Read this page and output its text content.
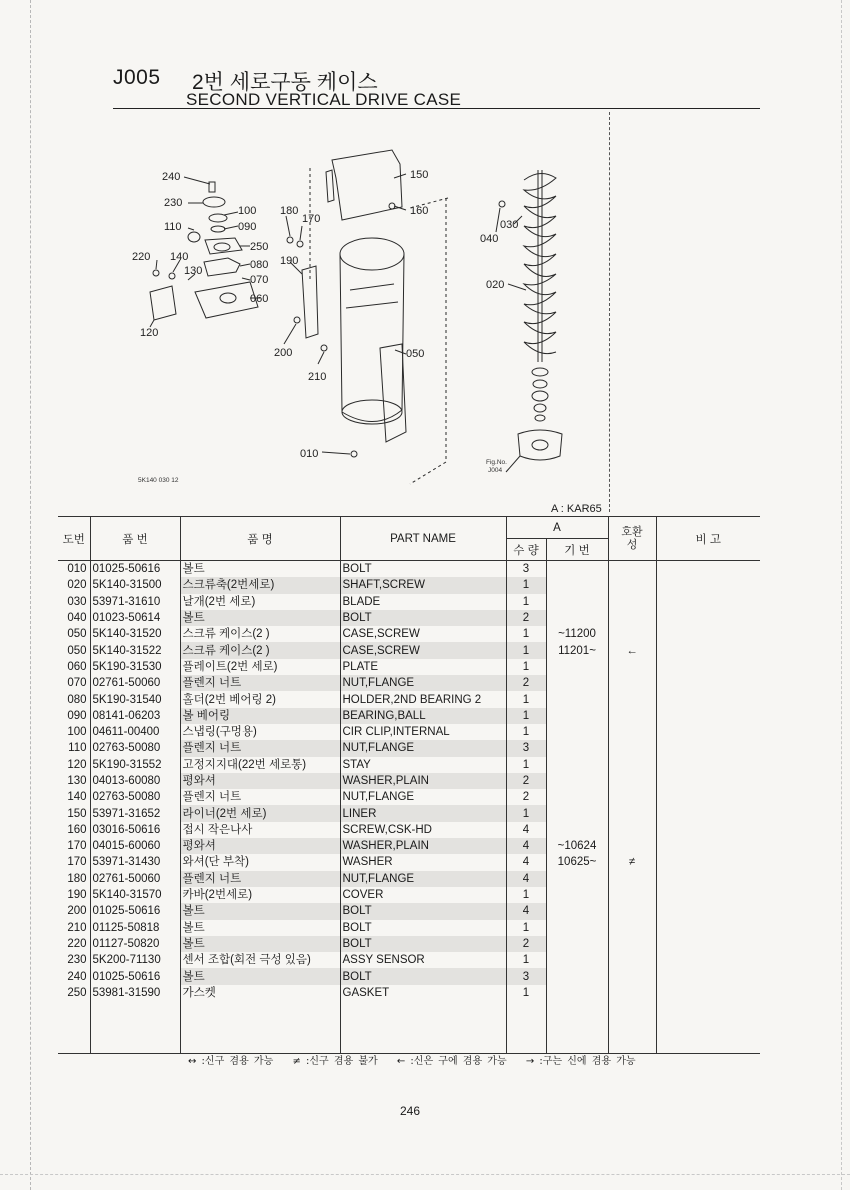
J005 2번 세로구동 케이스
SECOND VERTICAL DRIVE CASE
240
230
100
090
110
250
220 140
130	080
070
060
120
180
170
190
200
210
050
010
150
160
030
040
020
5K140 030 12
Fig.No.
J004
A : KAR65
도번	품 번	품 명	PART NAME	A		호환성	비 고
				수 량	기 번		
010	01025-50616	볼트	BOLT	3			
020	5K140-31500	스크류축(2번세로)	SHAFT,SCREW	1			
030	53971-31610	날개(2번 세로)	BLADE	1			
040	01023-50614	볼트	BOLT	2			
050	5K140-31520	스크류 케이스(2 )	CASE,SCREW	1	~11200		
050	5K140-31522	스크류 케이스(2 )	CASE,SCREW	1	11201~	←	
060	5K190-31530	플레이트(2번 세로)	PLATE	1			
070	02761-50060	플렌지 너트	NUT,FLANGE	2			
080	5K190-31540	홀더(2번 베어링 2)	HOLDER,2ND BEARING 2	1			
090	08141-06203	볼 베어링	BEARING,BALL	1			
100	04611-00400	스냅링(구멍용)	CIR CLIP,INTERNAL	1			
110	02763-50080	플렌지 너트	NUT,FLANGE	3			
120	5K190-31552	고정지지대(22번 세로통)	STAY	1			
130	04013-60080	평와셔	WASHER,PLAIN	2			
140	02763-50080	플렌지 너트	NUT,FLANGE	2			
150	53971-31652	라이너(2번 세로)	LINER	1			
160	03016-50616	접시 작은나사	SCREW,CSK-HD	4			
170	04015-60060	평와셔	WASHER,PLAIN	4	~10624		
170	53971-31430	와셔(단 부착)	WASHER	4	10625~	≠	
180	02761-50060	플렌지 너트	NUT,FLANGE	4			
190	5K140-31570	카바(2번세로)	COVER	1			
200	01025-50616	볼트	BOLT	4			
210	01125-50818	볼트	BOLT	1			
220	01127-50820	볼트	BOLT	2			
230	5K200-71130	센서 조합(회전 극성 있음)	ASSY SENSOR	1			
240	01025-50616	볼트	BOLT	3			
250	53981-31590	가스켓	GASKET	1			

↔ :신구 겸용 가능 ≠ :신구 겸용 불가 ← :신은 구에 겸용 가능 → :구는 신에 겸용 가능
246
